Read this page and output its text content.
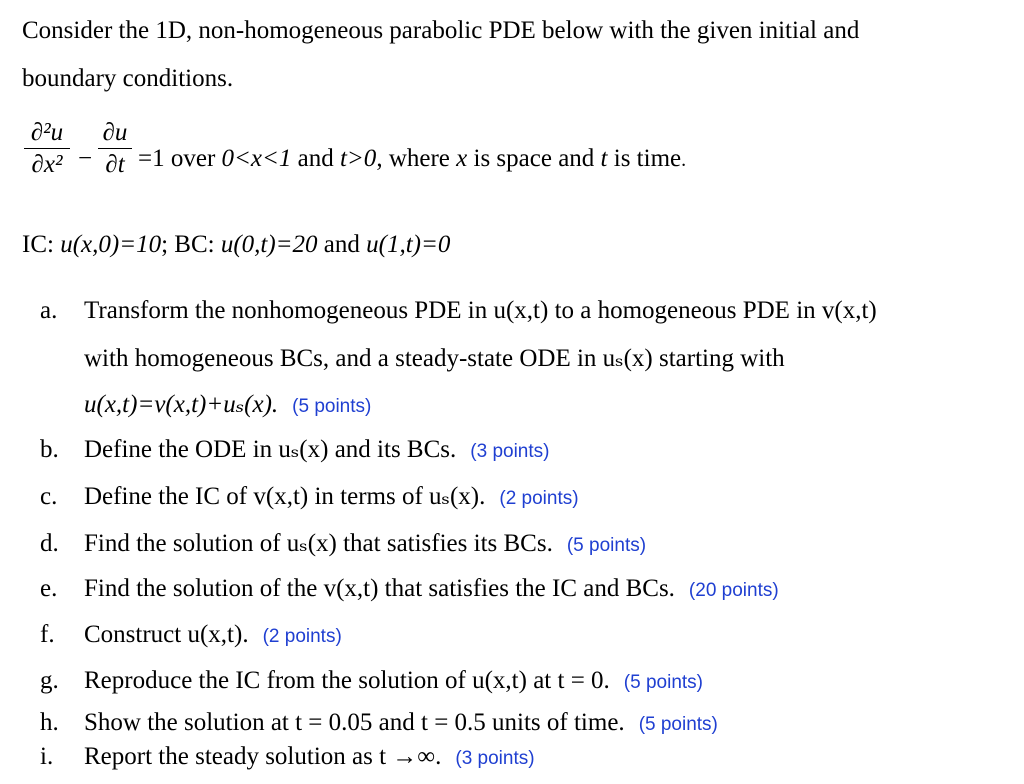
Consider the 1D, non-homogeneous parabolic PDE below with the given initial and
boundary conditions.
∂²u
∂x² −
∂u
∂t =1 over 0<x<1 and t>0, where x is space and t is time.
IC: u(x,0)=10; BC: u(0,t)=20 and u(1,t)=0
a. Transform the nonhomogeneous PDE in u(x,t) to a homogeneous PDE in v(x,t)
with homogeneous BCs, and a steady-state ODE in uₛ(x) starting with
u(x,t)=v(x,t)+uₛ(x). (5 points)
b. Define the ODE in uₛ(x) and its BCs. (3 points)
c. Define the IC of v(x,t) in terms of uₛ(x). (2 points)
d. Find the solution of uₛ(x) that satisfies its BCs. (5 points)
e. Find the solution of the v(x,t) that satisfies the IC and BCs. (20 points)
f. Construct u(x,t). (2 points)
g. Reproduce the IC from the solution of u(x,t) at t = 0. (5 points)
h. Show the solution at t = 0.05 and t = 0.5 units of time. (5 points)
i. Report the steady solution as t →∞. (3 points)
